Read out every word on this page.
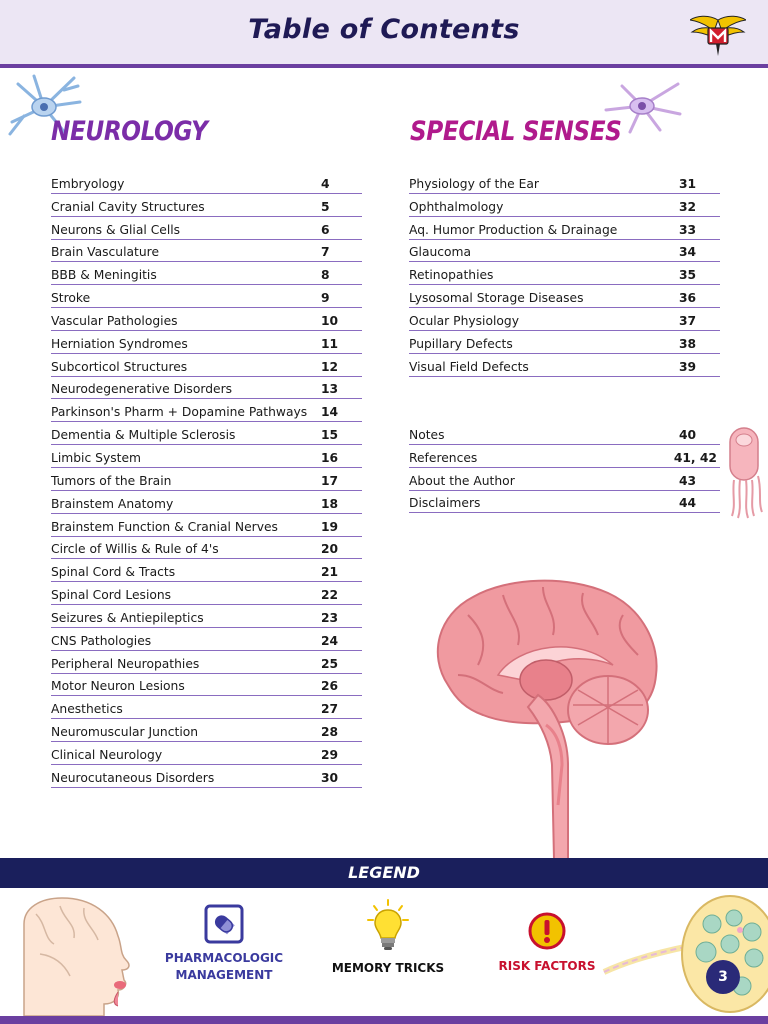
Table of Contents
NEUROLOGY	SPECIAL SENSES
Embryology	4
Cranial Cavity Structures	5
Neurons & Glial Cells	6
Brain Vasculature	7
BBB & Meningitis	8
Stroke	9
Vascular Pathologies	10
Herniation Syndromes	11
Subcorticol Structures	12
Neurodegenerative Disorders	13
Parkinson's Pharm + Dopamine Pathways 14
Dementia & Multiple Sclerosis	15
Limbic System	16
Tumors of the Brain	17
Brainstem Anatomy	18
Brainstem Function & Cranial Nerves	19
Circle of Willis & Rule of 4's	20
Spinal Cord & Tracts	21
Spinal Cord Lesions	22
Seizures & Antiepileptics	23
CNS Pathologies	24
Peripheral Neuropathies	25
Motor Neuron Lesions	26
Anesthetics	27
Neuromuscular Junction	28
Clinical Neurology	29
Neurocutaneous Disorders	30
Physiology of the Ear	31
Ophthalmology	32
Aq. Humor Production & Drainage	33
Glaucoma	34
Retinopathies	35
Lysosomal Storage Diseases	36
Ocular Physiology	37
Pupillary Defects	38
Visual Field Defects	39
Notes	40
References	41, 42
About the Author	43
Disclaimers	44
LEGEND
PHARMACOLOGIC
MANAGEMENT	MEMORY TRICKS	RISK FACTORS
3
